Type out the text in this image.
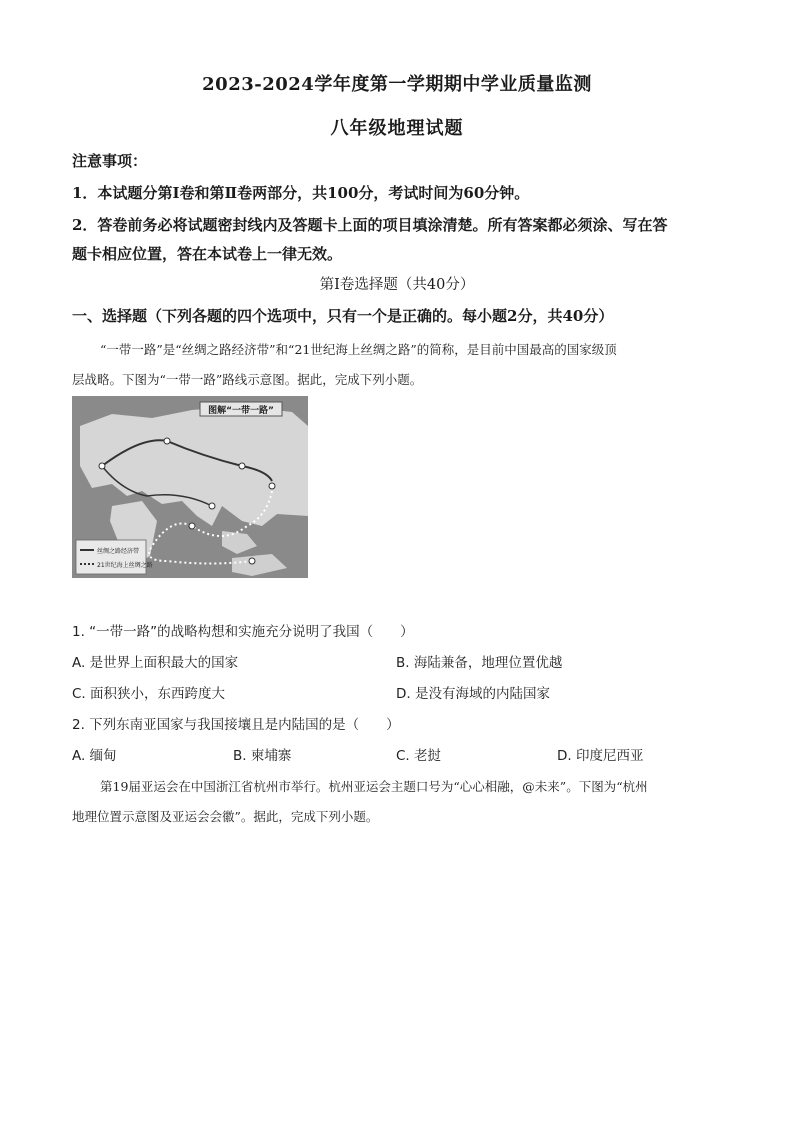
2023-2024学年度第一学期期中学业质量监测
八年级地理试题
注意事项：
1．本试题分第Ⅰ卷和第Ⅱ卷两部分，共100分，考试时间为60分钟。
2．答卷前务必将试题密封线内及答题卡上面的项目填涂清楚。所有答案都必须涂、写在答
题卡相应位置，答在本试卷上一律无效。
第Ⅰ卷选择题（共40分）
一、选择题（下列各题的四个选项中，只有一个是正确的。每小题2分，共40分）
“一带一路”是“丝绸之路经济带”和“21世纪海上丝绸之路”的简称，是目前中国最高的国家级顶
层战略。下图为“一带一路”路线示意图。据此，完成下列小题。
图解“一带一路”
丝绸之路经济带
21世纪海上丝绸之路
1. “一带一路”的战略构想和实施充分说明了我国（　　）
A. 是世界上面积最大的国家	B. 海陆兼备，地理位置优越
C. 面积狭小，东西跨度大	D. 是没有海域的内陆国家
2. 下列东南亚国家与我国接壤且是内陆国的是（　　）
A. 缅甸	B. 柬埔寨	C. 老挝	D. 印度尼西亚
第19届亚运会在中国浙江省杭州市举行。杭州亚运会主题口号为“心心相融，@未来”。下图为“杭州
地理位置示意图及亚运会会徽”。据此，完成下列小题。
